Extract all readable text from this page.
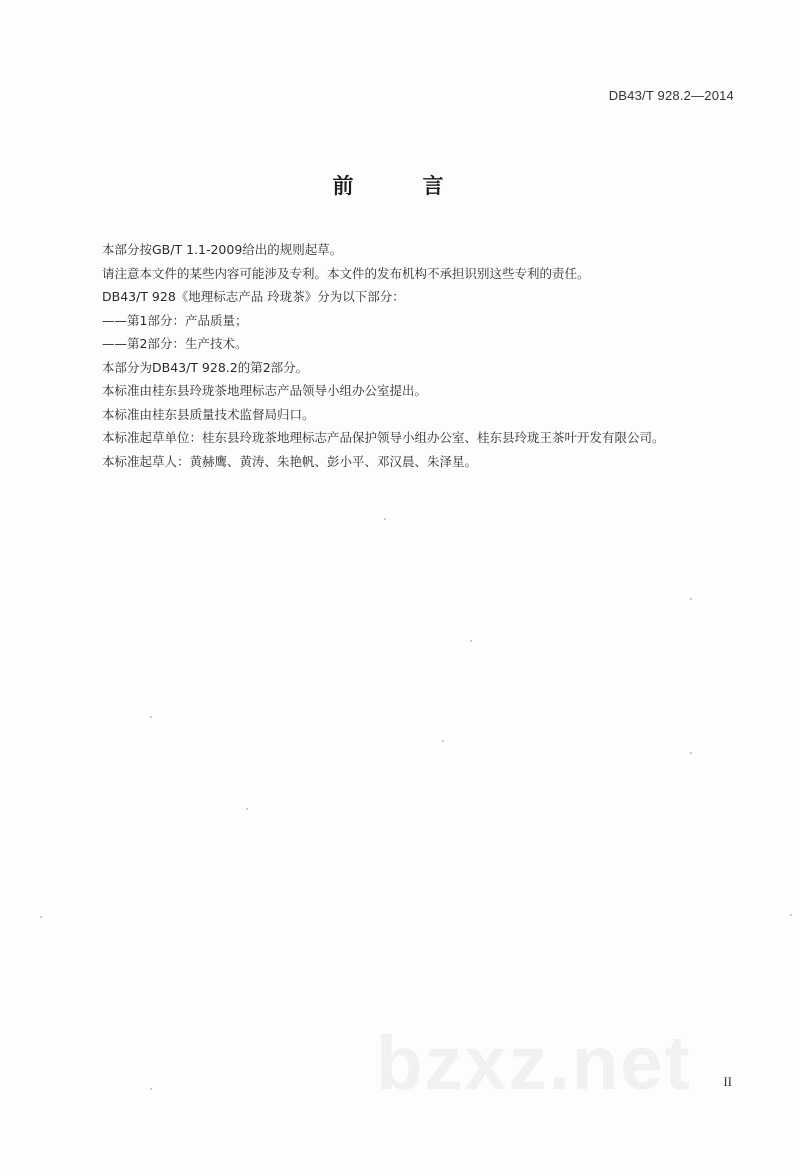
DB43/T 928.2—2014
前　言

本部分按GB/T 1.1-2009给出的规则起草。

请注意本文件的某些内容可能涉及专利。本文件的发布机构不承担识别这些专利的责任。

DB43/T 928《地理标志产品 玲珑茶》分为以下部分：

——第1部分：产品质量；

——第2部分：生产技术。

本部分为DB43/T 928.2的第2部分。

本标准由桂东县玲珑茶地理标志产品领导小组办公室提出。

本标准由桂东县质量技术监督局归口。

本标准起草单位：桂东县玲珑茶地理标志产品保护领导小组办公室、桂东县玲珑王茶叶开发有限公司。

本标准起草人：黄赫鹰、黄涛、朱艳帆、彭小平、邓汉晨、朱泽星。

bzxz.net II
